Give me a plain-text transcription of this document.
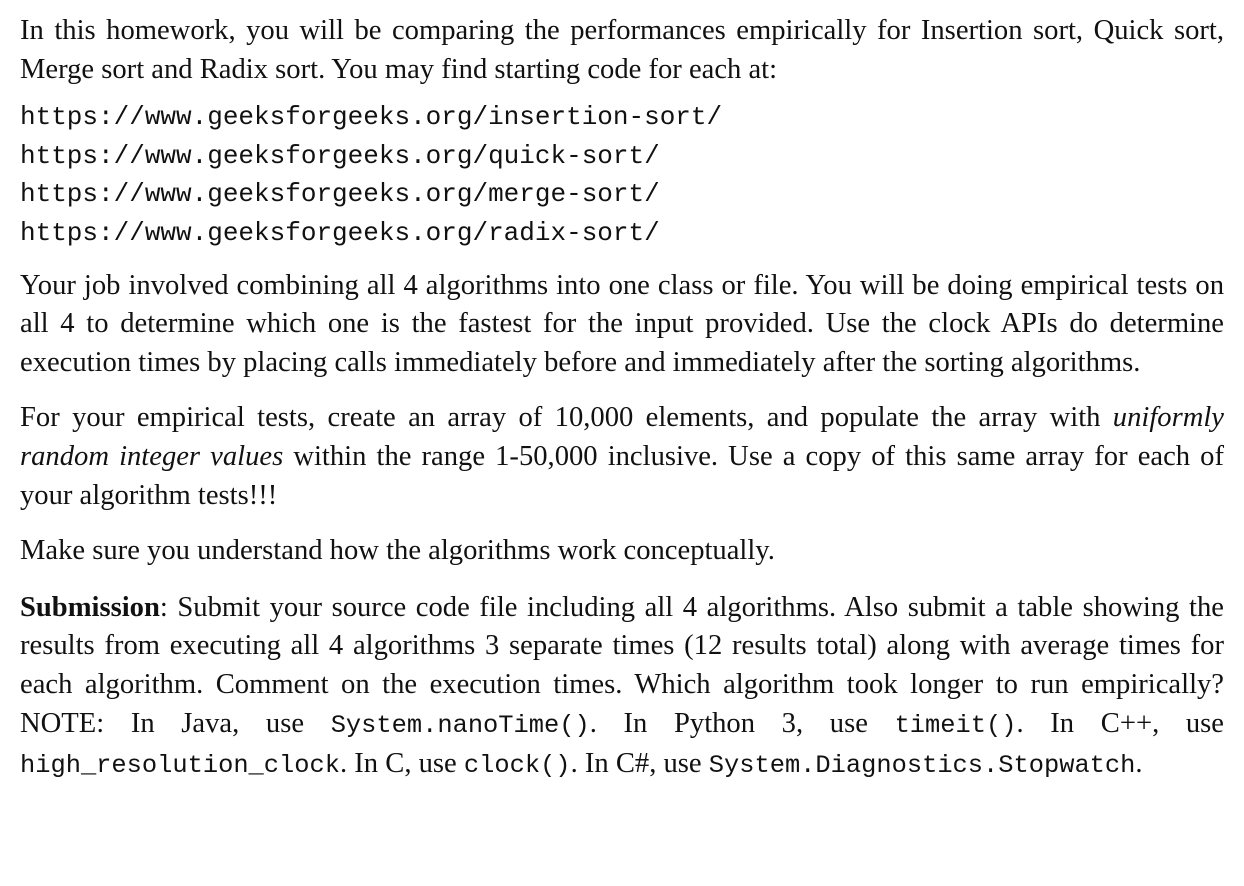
In this homework, you will be comparing the performances empirically for Insertion sort, Quick sort, Merge sort and Radix sort. You may find starting code for each at:

https://www.geeksforgeeks.org/insertion-sort/
https://www.geeksforgeeks.org/quick-sort/
https://www.geeksforgeeks.org/merge-sort/
https://www.geeksforgeeks.org/radix-sort/

Your job involved combining all 4 algorithms into one class or file. You will be doing empirical tests on all 4 to determine which one is the fastest for the input provided. Use the clock APIs do determine execution times by placing calls immediately before and immediately after the sorting algorithms.

For your empirical tests, create an array of 10,000 elements, and populate the array with uniformly random integer values within the range 1-50,000 inclusive. Use a copy of this same array for each of your algorithm tests!!!

Make sure you understand how the algorithms work conceptually.

Submission: Submit your source code file including all 4 algorithms. Also submit a table showing the results from executing all 4 algorithms 3 separate times (12 results total) along with average times for each algorithm. Comment on the execution times. Which algorithm took longer to run empirically? NOTE: In Java, use System.nanoTime(). In Python 3, use timeit(). In C++, use high_resolution_clock. In C, use clock(). In C#, use System.Diagnostics.Stopwatch.
